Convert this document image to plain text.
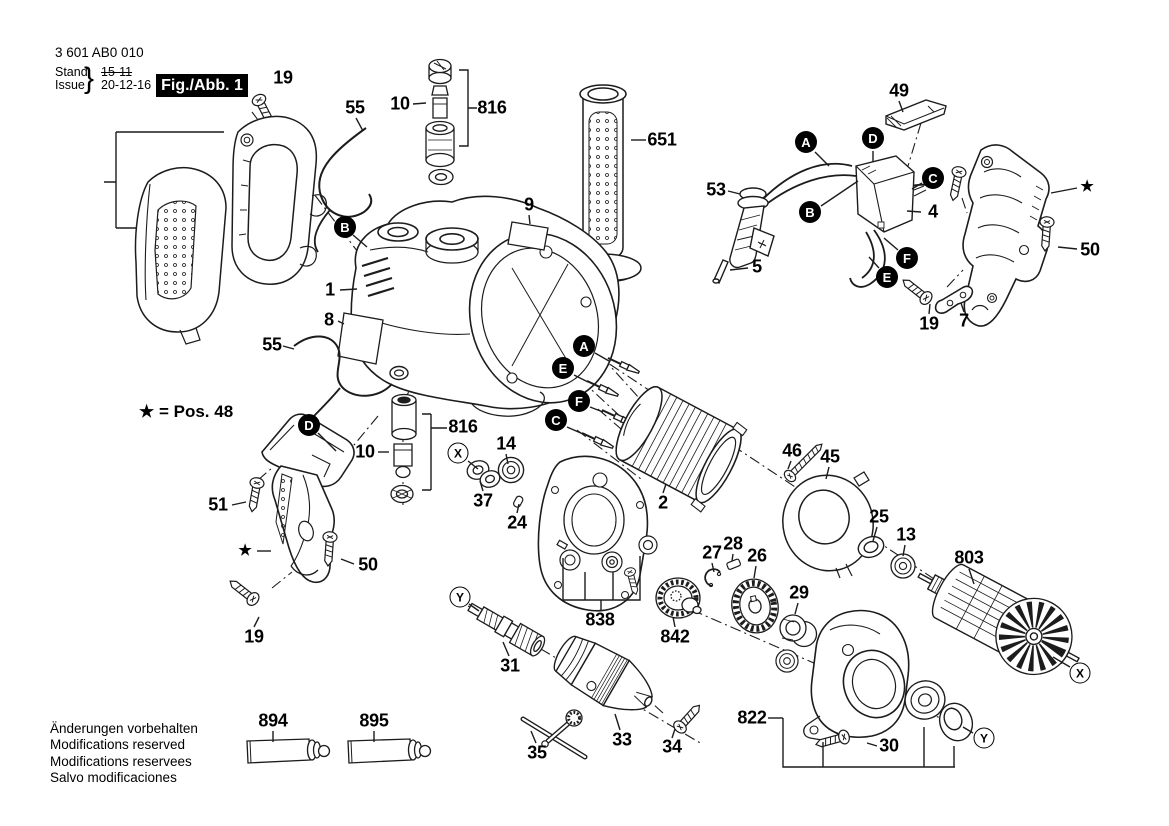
3 601 AB0 010
Stand
Issue } 15-11
20-12-16 Fig./Abb. 1
★ = Pos. 48
Änderungen vorbehalten
Modifications reserved
Modifications reservees
Salvo modificaciones
19
55 10	816
651
49
53
5
4
★
50
19 7
9
1
8
55
10
816
14
37
24
2
46 45
25
13
803
51
★
50
19
27 28
26
29
838
842
31
33 34
35
894	895	822
30
A	D
C
B
F
E
B
D
A
E
F
C
X
Y
X
Y
